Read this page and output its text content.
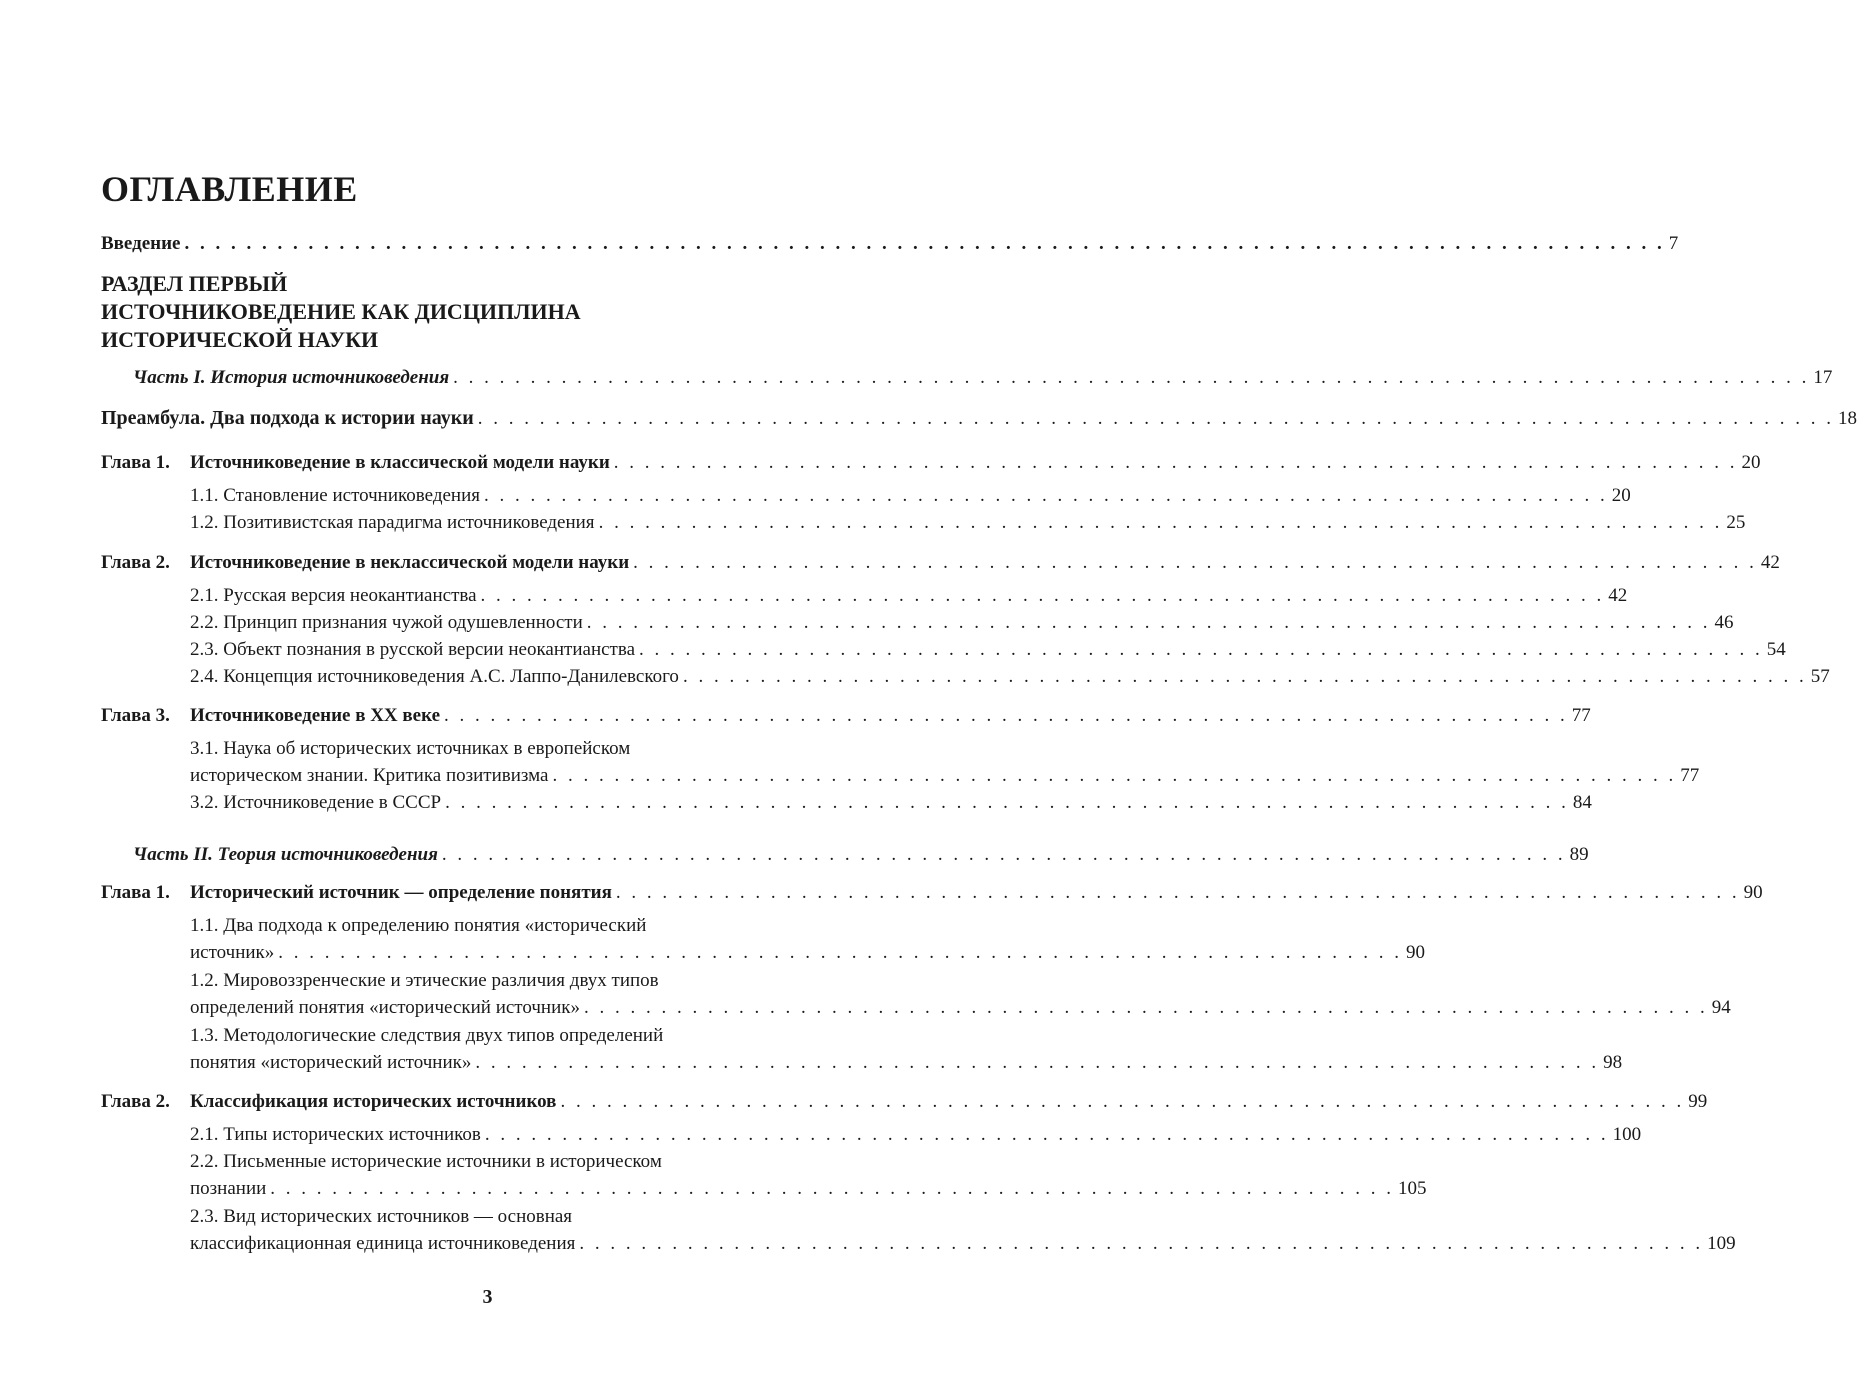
ОГЛАВЛЕНИЕ
Введение . . . . . . . . . . . . . . . . . . . . . . . . . . . . . . . . . . . . . . . . . . . . . . . . . . . . . . . . . . . . . . . . . . . . . . . . . . . . . . . . . . . . . . . . . . . . . . . . 7
РАЗДЕЛ ПЕРВЫЙ
ИСТОЧНИКОВЕДЕНИЕ КАК ДИСЦИПЛИНА
ИСТОРИЧЕСКОЙ НАУКИ
Часть I. История источниковедения . . . . . . . . . . . . . . . . . . . . . . . . . . . . . . . . . . . . . . . . . . . . . . . . . . . . . . . . . . . . . . . . . . . . . . . . . . . . . . . . . . . . . . . . 17
Преамбула. Два подхода к истории науки . . . . . . . . . . . . . . . . . . . . . . . . . . . . . . . . . . . . . . . . . . . . . . . . . . . . . . . . . . . . . . . . . . . . . . . . . . . . . . . . . . . . . . . . 18
Глава 1. Источниковедение в классической модели науки . . . . . . . . . . . . . . . . . . . . . . . . . . . . . . . . . . . . . . . . . . . . . . . . . . . . . . . . . . . . . . . . . . . . . . . . . 20
1.1. Становление источниковедения . . . . . . . . . . . . . . . . . . . . . . . . . . . . . . . . . . . . . . . . . . . . . . . . . . . . . . . . . . . . . . . . . . . . . . . . . 20
1.2. Позитивистская парадигма источниковедения . . . . . . . . . . . . . . . . . . . . . . . . . . . . . . . . . . . . . . . . . . . . . . . . . . . . . . . . . . . . . . . . . . . . . . . . . 25
Глава 2. Источниковедение в неклассической модели науки . . . . . . . . . . . . . . . . . . . . . . . . . . . . . . . . . . . . . . . . . . . . . . . . . . . . . . . . . . . . . . . . . . . . . . . . . 42
2.1. Русская версия неокантианства . . . . . . . . . . . . . . . . . . . . . . . . . . . . . . . . . . . . . . . . . . . . . . . . . . . . . . . . . . . . . . . . . . . . . . . . . 42
2.2. Принцип признания чужой одушевленности . . . . . . . . . . . . . . . . . . . . . . . . . . . . . . . . . . . . . . . . . . . . . . . . . . . . . . . . . . . . . . . . . . . . . . . . . 46
2.3. Объект познания в русской версии неокантианства . . . . . . . . . . . . . . . . . . . . . . . . . . . . . . . . . . . . . . . . . . . . . . . . . . . . . . . . . . . . . . . . . . . . . . . . . 54
2.4. Концепция источниковедения А.С. Лаппо-Данилевского . . . . . . . . . . . . . . . . . . . . . . . . . . . . . . . . . . . . . . . . . . . . . . . . . . . . . . . . . . . . . . . . . . . . . . . . . 57
Глава 3. Источниковедение в XX веке . . . . . . . . . . . . . . . . . . . . . . . . . . . . . . . . . . . . . . . . . . . . . . . . . . . . . . . . . . . . . . . . . . . . . . . . . 77
3.1. Наука об исторических источниках в европейском
историческом знании. Критика позитивизма . . . . . . . . . . . . . . . . . . . . . . . . . . . . . . . . . . . . . . . . . . . . . . . . . . . . . . . . . . . . . . . . . . . . . . . . . 77
3.2. Источниковедение в СССР . . . . . . . . . . . . . . . . . . . . . . . . . . . . . . . . . . . . . . . . . . . . . . . . . . . . . . . . . . . . . . . . . . . . . . . . . 84
Часть II. Теория источниковедения . . . . . . . . . . . . . . . . . . . . . . . . . . . . . . . . . . . . . . . . . . . . . . . . . . . . . . . . . . . . . . . . . . . . . . . . . 89
Глава 1. Исторический источник — определение понятия . . . . . . . . . . . . . . . . . . . . . . . . . . . . . . . . . . . . . . . . . . . . . . . . . . . . . . . . . . . . . . . . . . . . . . . . . 90
1.1. Два подхода к определению понятия «исторический
источник» . . . . . . . . . . . . . . . . . . . . . . . . . . . . . . . . . . . . . . . . . . . . . . . . . . . . . . . . . . . . . . . . . . . . . . . . . 90
1.2. Мировоззренческие и этические различия двух типов
определений понятия «исторический источник» . . . . . . . . . . . . . . . . . . . . . . . . . . . . . . . . . . . . . . . . . . . . . . . . . . . . . . . . . . . . . . . . . . . . . . . . . 94
1.3. Методологические следствия двух типов определений
понятия «исторический источник» . . . . . . . . . . . . . . . . . . . . . . . . . . . . . . . . . . . . . . . . . . . . . . . . . . . . . . . . . . . . . . . . . . . . . . . . . 98
Глава 2. Классификация исторических источников . . . . . . . . . . . . . . . . . . . . . . . . . . . . . . . . . . . . . . . . . . . . . . . . . . . . . . . . . . . . . . . . . . . . . . . . . 99
2.1. Типы исторических источников . . . . . . . . . . . . . . . . . . . . . . . . . . . . . . . . . . . . . . . . . . . . . . . . . . . . . . . . . . . . . . . . . . . . . . . . . 100
2.2. Письменные исторические источники в историческом
познании . . . . . . . . . . . . . . . . . . . . . . . . . . . . . . . . . . . . . . . . . . . . . . . . . . . . . . . . . . . . . . . . . . . . . . . . . 105
2.3. Вид исторических источников — основная
классификационная единица источниковедения . . . . . . . . . . . . . . . . . . . . . . . . . . . . . . . . . . . . . . . . . . . . . . . . . . . . . . . . . . . . . . . . . . . . . . . . . 109
3
